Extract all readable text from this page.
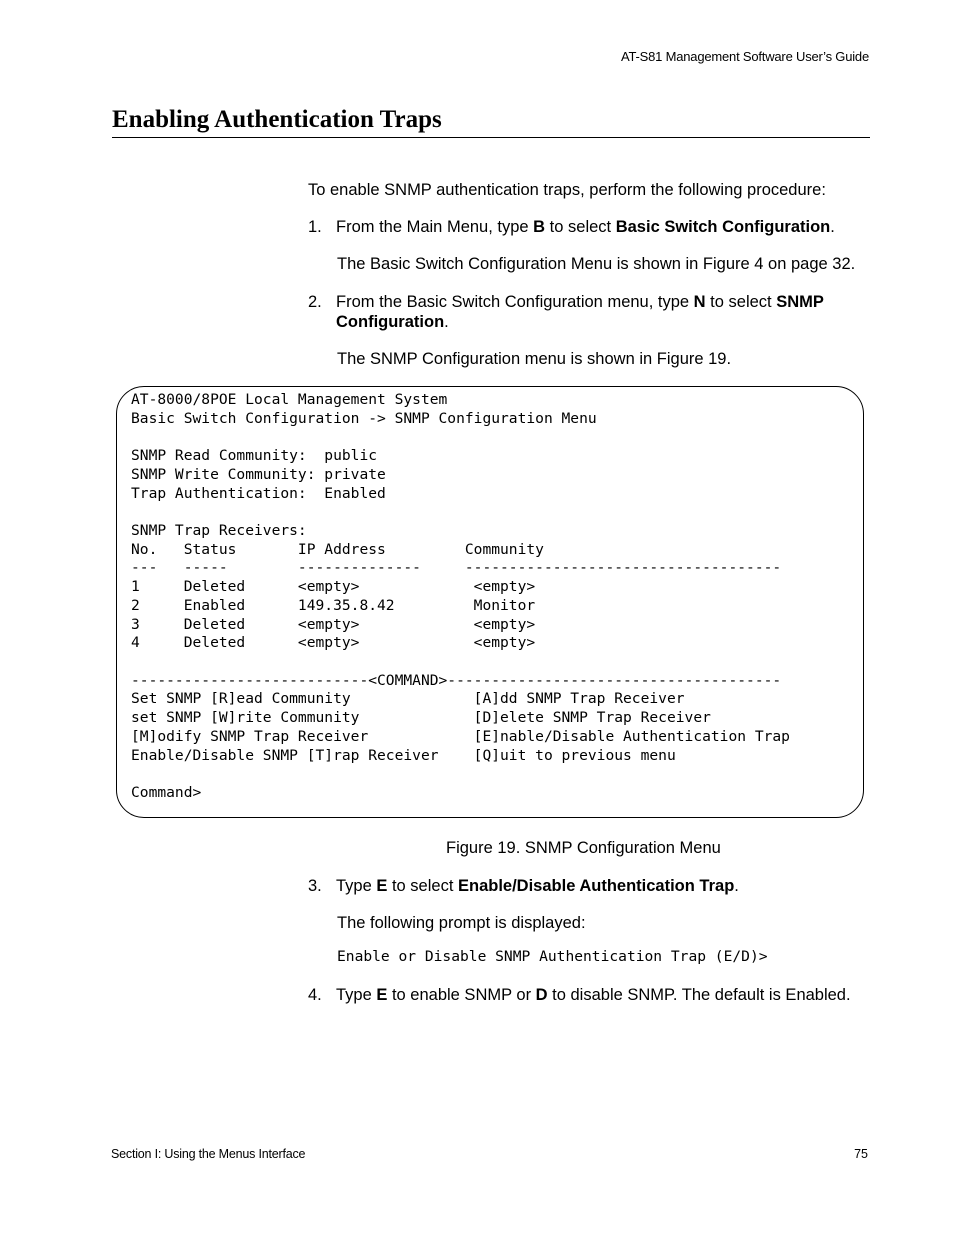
AT-S81 Management Software User’s Guide
Enabling Authentication Traps
To enable SNMP authentication traps, perform the following procedure:
1. From the Main Menu, type B to select Basic Switch Configuration.
The Basic Switch Configuration Menu is shown in Figure 4 on page 32.
2. From the Basic Switch Configuration menu, type N to select SNMP Configuration.
The SNMP Configuration menu is shown in Figure 19.
AT-8000/8POE Local Management System
Basic Switch Configuration -> SNMP Configuration Menu
SNMP Read Community:  public
SNMP Write Community: private
Trap Authentication:  Enabled
SNMP Trap Receivers:
No.   Status       IP Address         Community
---   -----        --------------     ------------------------------------
1     Deleted      <empty>             <empty>
2     Enabled      149.35.8.42         Monitor
3     Deleted      <empty>             <empty>
4     Deleted      <empty>             <empty>
---------------------------<COMMAND>--------------------------------------
Set SNMP [R]ead Community              [A]dd SNMP Trap Receiver
set SNMP [W]rite Community             [D]elete SNMP Trap Receiver
[M]odify SNMP Trap Receiver            [E]nable/Disable Authentication Trap
Enable/Disable SNMP [T]rap Receiver    [Q]uit to previous menu
Command>
Figure 19. SNMP Configuration Menu
3. Type E to select Enable/Disable Authentication Trap.
The following prompt is displayed:
Enable or Disable SNMP Authentication Trap (E/D)>
4. Type E to enable SNMP or D to disable SNMP. The default is Enabled.
Section I: Using the Menus Interface	75
